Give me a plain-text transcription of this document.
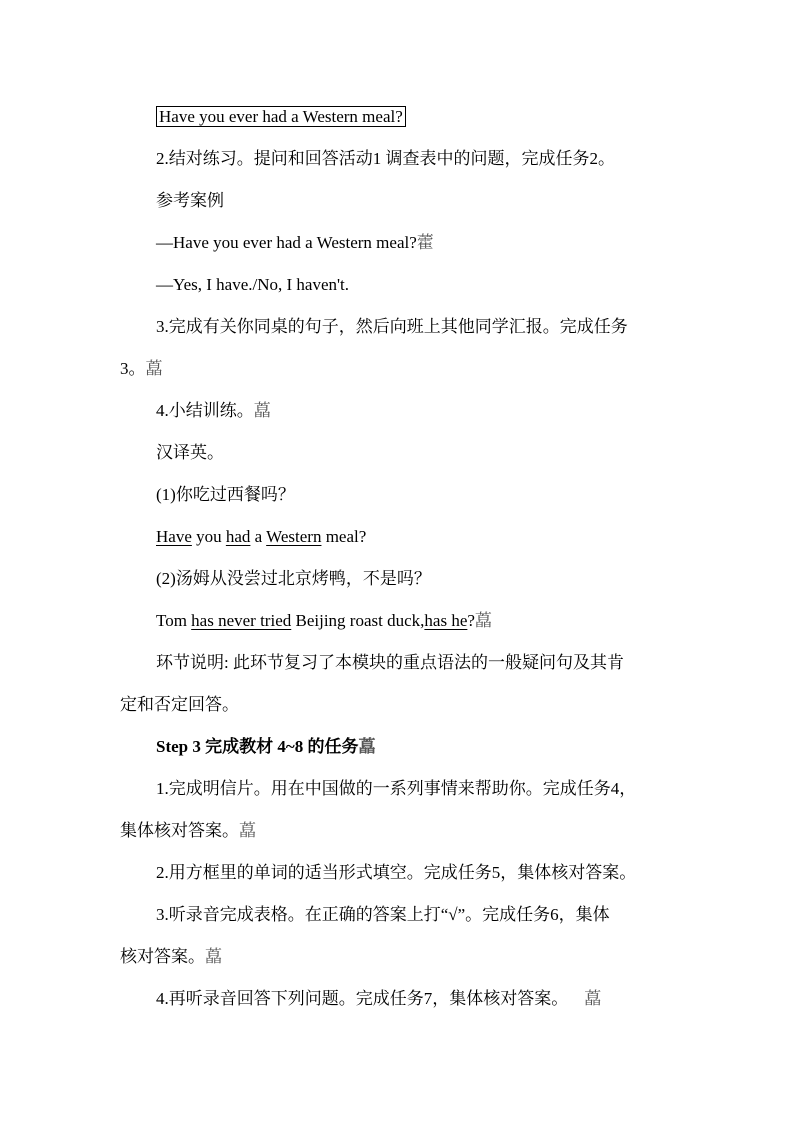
Have you ever had a Western meal?
2.结对练习。提问和回答活动1 调查表中的问题，完成任务2。
参考案例
—Have you ever had a Western meal?藿
—Yes, I have./No, I haven't.
3.完成有关你同桌的句子，然后向班上其他同学汇报。完成任务
3。藠
4.小结训练。藠
汉译英。
(1)你吃过西餐吗？
Have you had a Western meal?
(2)汤姆从没尝过北京烤鸭，不是吗？
Tom has never tried Beijing roast duck,has he?藠
环节说明: 此环节复习了本模块的重点语法的一般疑问句及其肯
定和否定回答。
Step 3 完成教材 4~8 的任务藠
1.完成明信片。用在中国做的一系列事情来帮助你。完成任务4，
集体核对答案。藠
2.用方框里的单词的适当形式填空。完成任务5，集体核对答案。
3.听录音完成表格。在正确的答案上打“√”。完成任务6，集体
核对答案。藠
4.再听录音回答下列问题。完成任务7，集体核对答案。 藠
